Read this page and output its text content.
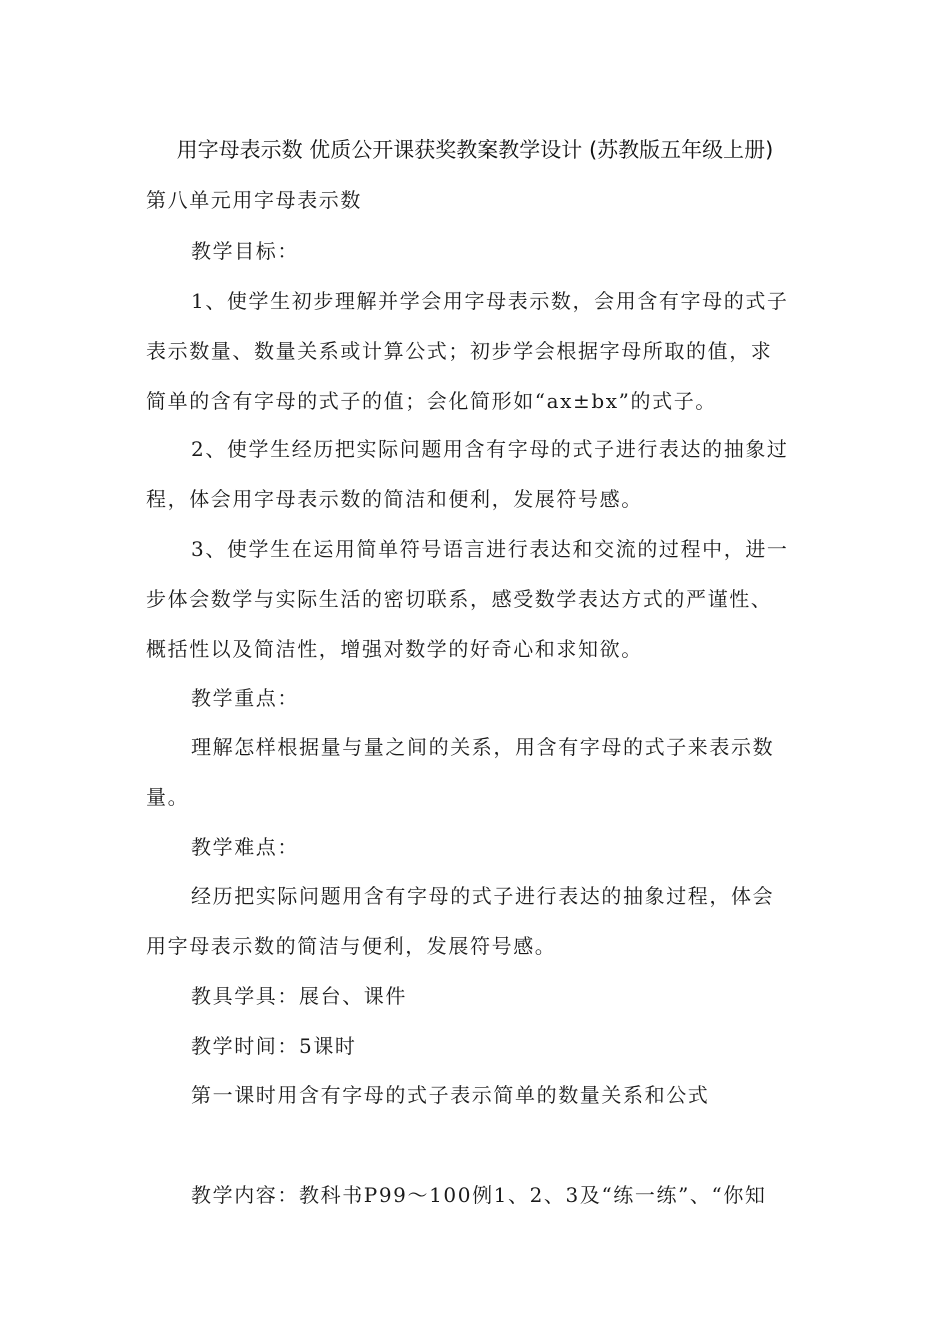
用字母表示数 优质公开课获奖教案教学设计 (苏教版五年级上册)
第八单元用字母表示数
教学目标：
1、使学生初步理解并学会用字母表示数，会用含有字母的式子
表示数量、数量关系或计算公式；初步学会根据字母所取的值，求
简单的含有字母的式子的值；会化简形如“ax±bx”的式子。
2、使学生经历把实际问题用含有字母的式子进行表达的抽象过
程，体会用字母表示数的简洁和便利，发展符号感。
3、使学生在运用简单符号语言进行表达和交流的过程中，进一
步体会数学与实际生活的密切联系，感受数学表达方式的严谨性、
概括性以及简洁性，增强对数学的好奇心和求知欲。
教学重点：
理解怎样根据量与量之间的关系，用含有字母的式子来表示数
量。
教学难点：
经历把实际问题用含有字母的式子进行表达的抽象过程，体会
用字母表示数的简洁与便利，发展符号感。
教具学具：展台、课件
教学时间：5课时
第一课时用含有字母的式子表示简单的数量关系和公式
教学内容：教科书P99～100例1、2、3及“练一练”、“你知
